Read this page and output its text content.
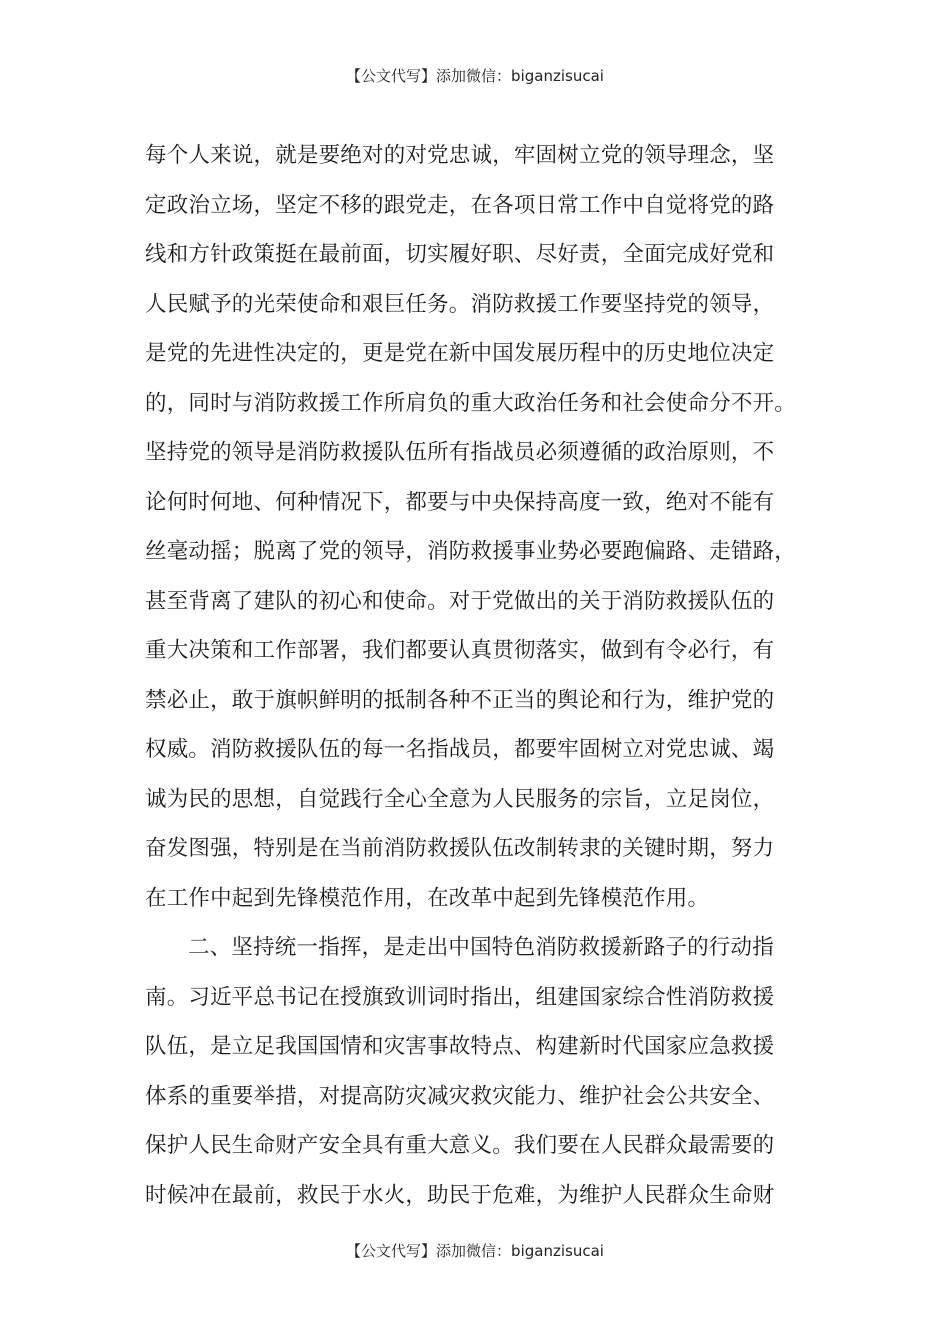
【公文代写】添加微信：biganzisucai
每个人来说，就是要绝对的对党忠诚，牢固树立党的领导理念，坚
定政治立场，坚定不移的跟党走，在各项日常工作中自觉将党的路
线和方针政策挺在最前面，切实履好职、尽好责，全面完成好党和
人民赋予的光荣使命和艰巨任务。消防救援工作要坚持党的领导，
是党的先进性决定的，更是党在新中国发展历程中的历史地位决定
的，同时与消防救援工作所肩负的重大政治任务和社会使命分不开。
坚持党的领导是消防救援队伍所有指战员必须遵循的政治原则，不
论何时何地、何种情况下，都要与中央保持高度一致，绝对不能有
丝毫动摇；脱离了党的领导，消防救援事业势必要跑偏路、走错路，
甚至背离了建队的初心和使命。对于党做出的关于消防救援队伍的
重大决策和工作部署，我们都要认真贯彻落实，做到有令必行，有
禁必止，敢于旗帜鲜明的抵制各种不正当的舆论和行为，维护党的
权威。消防救援队伍的每一名指战员，都要牢固树立对党忠诚、竭
诚为民的思想，自觉践行全心全意为人民服务的宗旨，立足岗位，
奋发图强，特别是在当前消防救援队伍改制转隶的关键时期，努力
在工作中起到先锋模范作用，在改革中起到先锋模范作用。
二、坚持统一指挥，是走出中国特色消防救援新路子的行动指
南。习近平总书记在授旗致训词时指出，组建国家综合性消防救援
队伍，是立足我国国情和灾害事故特点、构建新时代国家应急救援
体系的重要举措，对提高防灾减灾救灾能力、维护社会公共安全、
保护人民生命财产安全具有重大意义。我们要在人民群众最需要的
时候冲在最前，救民于水火，助民于危难，为维护人民群众生命财
【公文代写】添加微信：biganzisucai
